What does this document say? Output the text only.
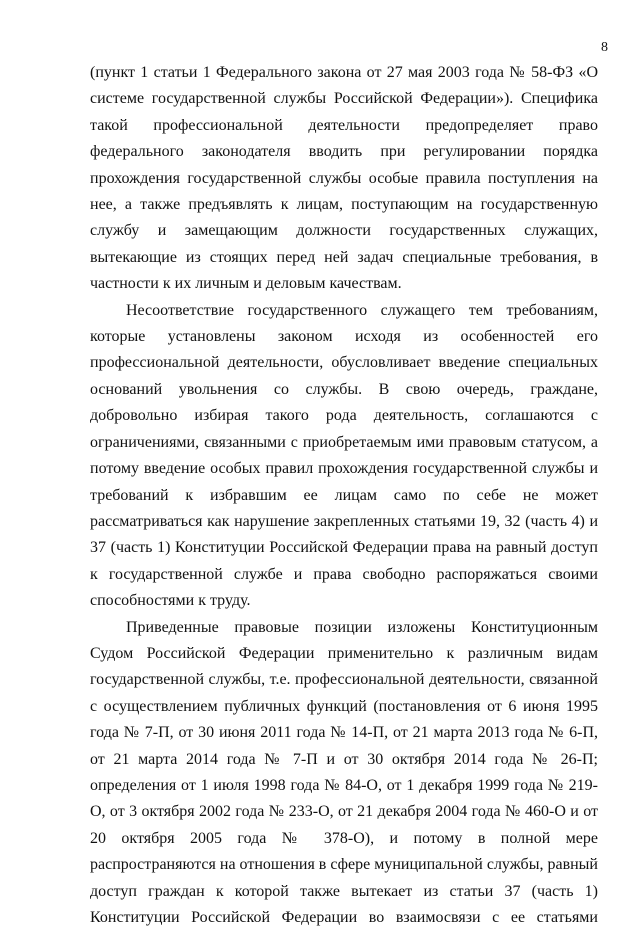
8

(пункт 1 статьи 1 Федерального закона от 27 мая 2003 года № 58-ФЗ «О системе государственной службы Российской Федерации»). Специфика такой профессиональной деятельности предопределяет право федерального законодателя вводить при регулировании порядка прохождения государственной службы особые правила поступления на нее, а также предъявлять к лицам, поступающим на государственную службу и замещающим должности государственных служащих, вытекающие из стоящих перед ней задач специальные требования, в частности к их личным и деловым качествам.

Несоответствие государственного служащего тем требованиям, которые установлены законом исходя из особенностей его профессиональной деятельности, обусловливает введение специальных оснований увольнения со службы. В свою очередь, граждане, добровольно избирая такого рода деятельность, соглашаются с ограничениями, связанными с приобретаемым ими правовым статусом, а потому введение особых правил прохождения государственной службы и требований к избравшим ее лицам само по себе не может рассматриваться как нарушение закрепленных статьями 19, 32 (часть 4) и 37 (часть 1) Конституции Российской Федерации права на равный доступ к государственной службе и права свободно распоряжаться своими способностями к труду.

Приведенные правовые позиции изложены Конституционным Судом Российской Федерации применительно к различным видам государственной службы, т.е. профессиональной деятельности, связанной с осуществлением публичных функций (постановления от 6 июня 1995 года № 7-П, от 30 июня 2011 года № 14-П, от 21 марта 2013 года № 6-П, от 21 марта 2014 года № 7-П и от 30 октября 2014 года № 26-П; определения от 1 июля 1998 года № 84-О, от 1 декабря 1999 года № 219-О, от 3 октября 2002 года № 233-О, от 21 декабря 2004 года № 460-О и от 20 октября 2005 года № 378-О), и потому в полной мере распространяются на отношения в сфере муниципальной службы, равный доступ граждан к которой также вытекает из статьи 37 (часть 1) Конституции Российской Федерации во взаимосвязи с ее статьями
